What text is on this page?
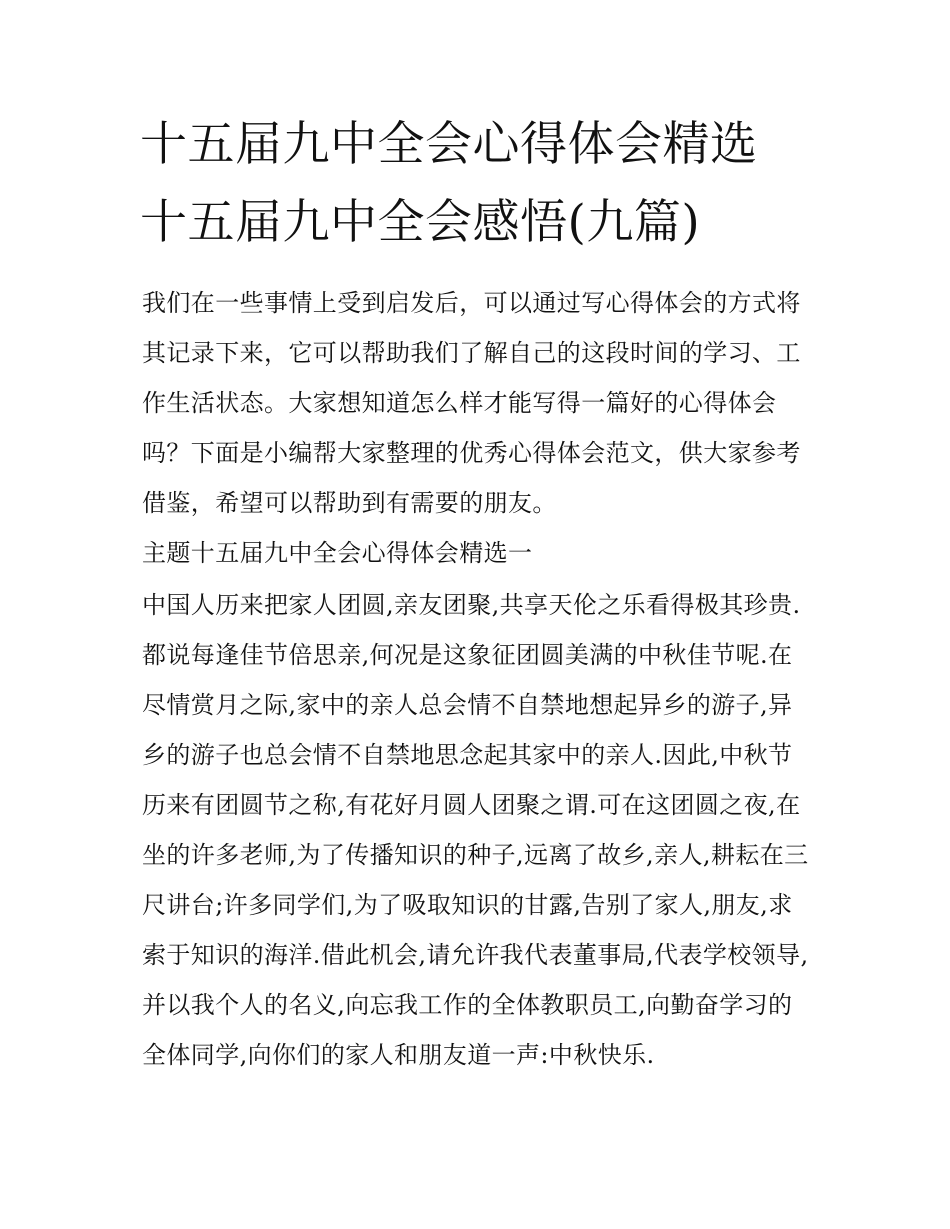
十五届九中全会心得体会精选
十五届九中全会感悟(九篇)
我们在一些事情上受到启发后，可以通过写心得体会的方式将
其记录下来，它可以帮助我们了解自己的这段时间的学习、工
作生活状态。大家想知道怎么样才能写得一篇好的心得体会
吗？下面是小编帮大家整理的优秀心得体会范文，供大家参考
借鉴，希望可以帮助到有需要的朋友。
主题十五届九中全会心得体会精选一
中国人历来把家人团圆,亲友团聚,共享天伦之乐看得极其珍贵.
都说每逢佳节倍思亲,何况是这象征团圆美满的中秋佳节呢.在
尽情赏月之际,家中的亲人总会情不自禁地想起异乡的游子,异
乡的游子也总会情不自禁地思念起其家中的亲人.因此,中秋节
历来有团圆节之称,有花好月圆人团聚之谓.可在这团圆之夜,在
坐的许多老师,为了传播知识的种子,远离了故乡,亲人,耕耘在三
尺讲台;许多同学们,为了吸取知识的甘露,告别了家人,朋友,求
索于知识的海洋.借此机会,请允许我代表董事局,代表学校领导,
并以我个人的名义,向忘我工作的全体教职员工,向勤奋学习的
全体同学,向你们的家人和朋友道一声:中秋快乐.
